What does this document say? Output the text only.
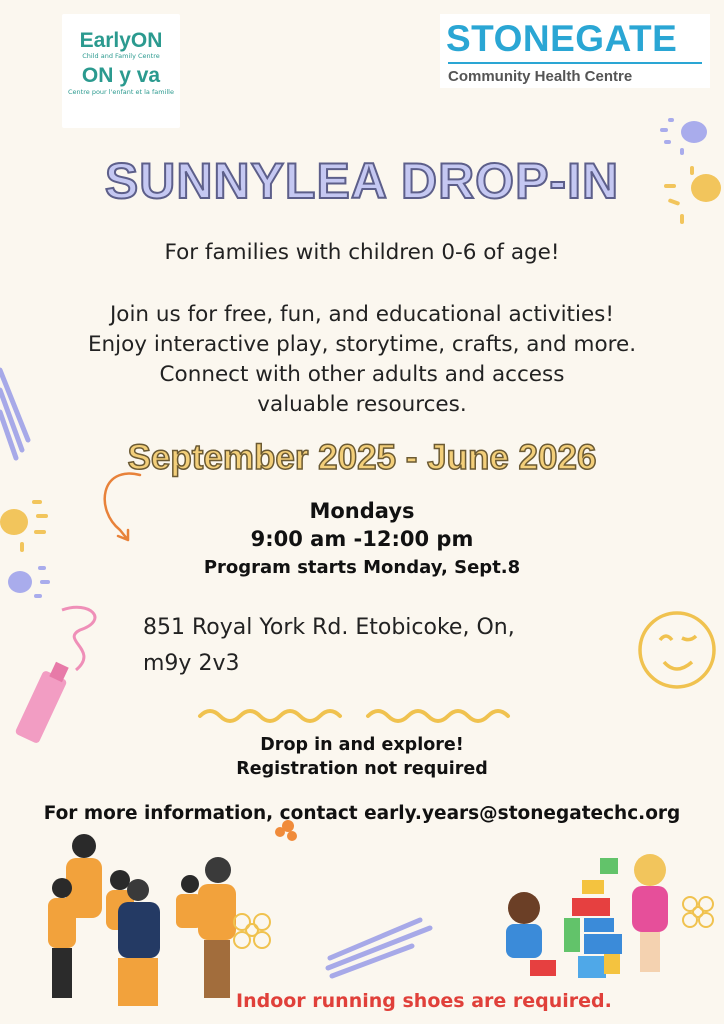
EarlyON
Child and Family Centre
ON y va
Centre pour l'enfant et la famille
STONEGATE
Community Health Centre
SUNNYLEA DROP-IN
For families with children 0-6 of age!
Join us for free, fun, and educational activities!
Enjoy interactive play, storytime, crafts, and more.
Connect with other adults and access
valuable resources.
September 2025 - June 2026
Mondays
9:00 am -12:00 pm
Program starts Monday, Sept.8
851 Royal York Rd. Etobicoke, On,
m9y 2v3
Drop in and explore!
Registration not required
For more information, contact early.years@stonegatechc.org
Indoor running shoes are required.
